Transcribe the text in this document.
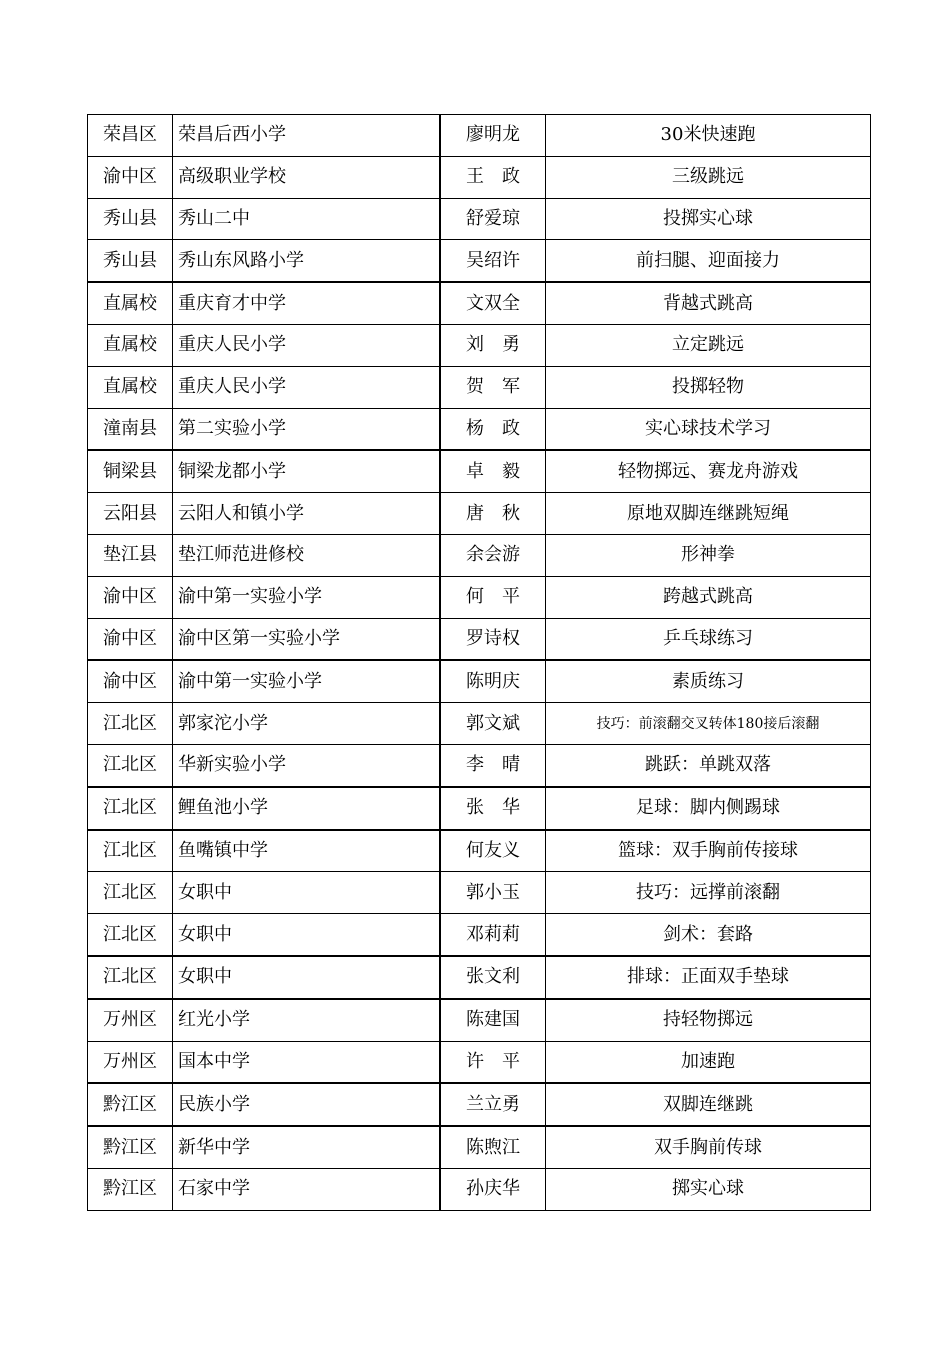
荣昌区	荣昌后西小学	廖明龙	30米快速跑
渝中区	高级职业学校	王　政	三级跳远
秀山县	秀山二中	舒爱琼	投掷实心球
秀山县	秀山东风路小学	吴绍许	前扫腿、迎面接力
直属校	重庆育才中学	文双全	背越式跳高
直属校	重庆人民小学	刘　勇	立定跳远
直属校	重庆人民小学	贺　军	投掷轻物
潼南县	第二实验小学	杨　政	实心球技术学习
铜梁县	铜梁龙都小学	卓　毅	轻物掷远、赛龙舟游戏
云阳县	云阳人和镇小学	唐　秋	原地双脚连继跳短绳
垫江县	垫江师范进修校	余会游	形神拳
渝中区	渝中第一实验小学	何　平	跨越式跳高
渝中区	渝中区第一实验小学	罗诗权	乒乓球练习
渝中区	渝中第一实验小学	陈明庆	素质练习
江北区	郭家沱小学	郭文斌	技巧：前滚翻交叉转体180接后滚翻
江北区	华新实验小学	李　晴	跳跃：单跳双落
江北区	鲤鱼池小学	张　华	足球：脚内侧踢球
江北区	鱼嘴镇中学	何友义	篮球：双手胸前传接球
江北区	女职中	郭小玉	技巧：远撑前滚翻
江北区	女职中	邓莉莉	剑术：套路
江北区	女职中	张文利	排球：正面双手垫球
万州区	红光小学	陈建国	持轻物掷远
万州区	国本中学	许　平	加速跑
黔江区	民族小学	兰立勇	双脚连继跳
黔江区	新华中学	陈煦江	双手胸前传球
黔江区	石家中学	孙庆华	掷实心球
